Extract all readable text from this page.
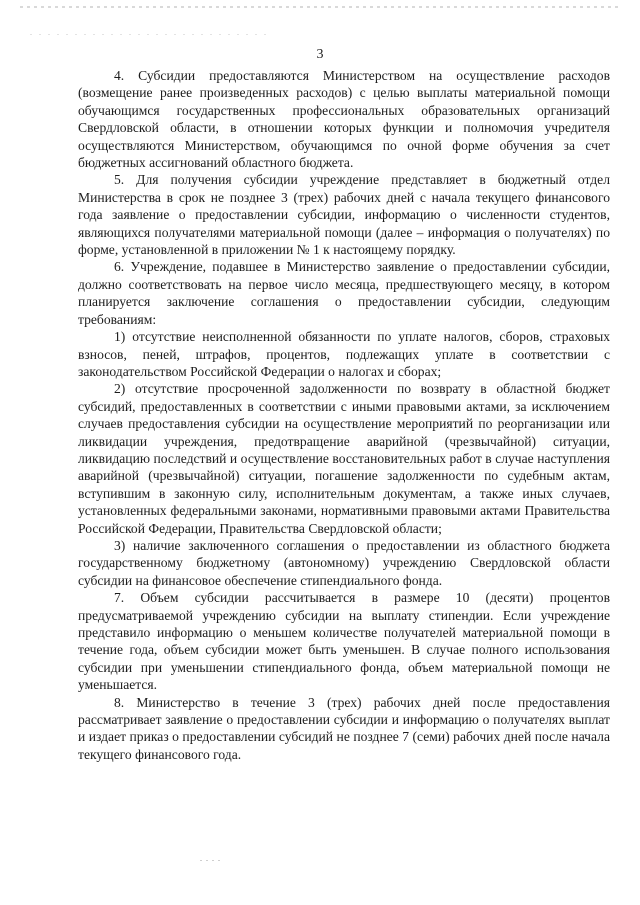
3

4. Субсидии предоставляются Министерством на осуществление расходов (возмещение ранее произведенных расходов) с целью выплаты материальной помощи обучающимся государственных профессиональных образовательных организаций Свердловской области, в отношении которых функции и полномочия учредителя осуществляются Министерством, обучающимся по очной форме обучения за счет бюджетных ассигнований областного бюджета.

5. Для получения субсидии учреждение представляет в бюджетный отдел Министерства в срок не позднее 3 (трех) рабочих дней с начала текущего финансового года заявление о предоставлении субсидии, информацию о численности студентов, являющихся получателями материальной помощи (далее – информация о получателях) по форме, установленной в приложении № 1 к настоящему порядку.

6. Учреждение, подавшее в Министерство заявление о предоставлении субсидии, должно соответствовать на первое число месяца, предшествующего месяцу, в котором планируется заключение соглашения о предоставлении субсидии, следующим требованиям:

1) отсутствие неисполненной обязанности по уплате налогов, сборов, страховых взносов, пеней, штрафов, процентов, подлежащих уплате в соответствии с законодательством Российской Федерации о налогах и сборах;

2) отсутствие просроченной задолженности по возврату в областной бюджет субсидий, предоставленных в соответствии с иными правовыми актами, за исключением случаев предоставления субсидии на осуществление мероприятий по реорганизации или ликвидации учреждения, предотвращение аварийной (чрезвычайной) ситуации, ликвидацию последствий и осуществление восстановительных работ в случае наступления аварийной (чрезвычайной) ситуации, погашение задолженности по судебным актам, вступившим в законную силу, исполнительным документам, а также иных случаев, установленных федеральными законами, нормативными правовыми актами Правительства Российской Федерации, Правительства Свердловской области;

3) наличие заключенного соглашения о предоставлении из областного бюджета государственному бюджетному (автономному) учреждению Свердловской области субсидии на финансовое обеспечение стипендиального фонда.

7. Объем субсидии рассчитывается в размере 10 (десяти) процентов предусматриваемой учреждению субсидии на выплату стипендии. Если учреждение представило информацию о меньшем количестве получателей материальной помощи в течение года, объем субсидии может быть уменьшен. В случае полного использования субсидии при уменьшении стипендиального фонда, объем материальной помощи не уменьшается.

8. Министерство в течение 3 (трех) рабочих дней после предоставления рассматривает заявление о предоставлении субсидии и информацию о получателях выплат и издает приказ о предоставлении субсидий не позднее 7 (семи) рабочих дней после начала текущего финансового года.
